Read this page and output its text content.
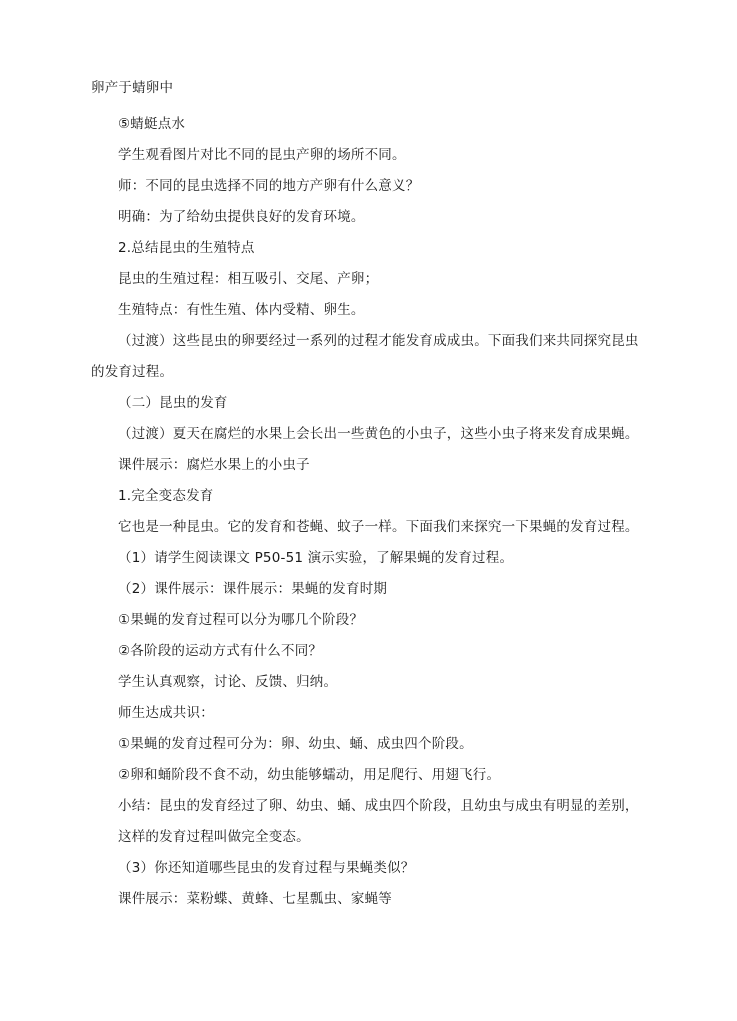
卵产于蜻卵中
⑤蜻蜓点水
学生观看图片对比不同的昆虫产卵的场所不同。
师：不同的昆虫选择不同的地方产卵有什么意义？
明确：为了给幼虫提供良好的发育环境。
2.总结昆虫的生殖特点
昆虫的生殖过程：相互吸引、交尾、产卵；
生殖特点：有性生殖、体内受精、卵生。
（过渡）这些昆虫的卵要经过一系列的过程才能发育成成虫。下面我们来共同探究昆虫
的发育过程。
（二）昆虫的发育
（过渡）夏天在腐烂的水果上会长出一些黄色的小虫子，这些小虫子将来发育成果蝇。
课件展示：腐烂水果上的小虫子
1.完全变态发育
它也是一种昆虫。它的发育和苍蝇、蚊子一样。下面我们来探究一下果蝇的发育过程。
（1）请学生阅读课文 P50-51 演示实验，了解果蝇的发育过程。
（2）课件展示：课件展示：果蝇的发育时期
①果蝇的发育过程可以分为哪几个阶段？
②各阶段的运动方式有什么不同？
学生认真观察，讨论、反馈、归纳。
师生达成共识：
①果蝇的发育过程可分为：卵、幼虫、蛹、成虫四个阶段。
②卵和蛹阶段不食不动，幼虫能够蠕动，用足爬行、用翅飞行。
小结：昆虫的发育经过了卵、幼虫、蛹、成虫四个阶段，且幼虫与成虫有明显的差别，
这样的发育过程叫做完全变态。
（3）你还知道哪些昆虫的发育过程与果蝇类似？
课件展示：菜粉蝶、黄蜂、七星瓢虫、家蝇等
